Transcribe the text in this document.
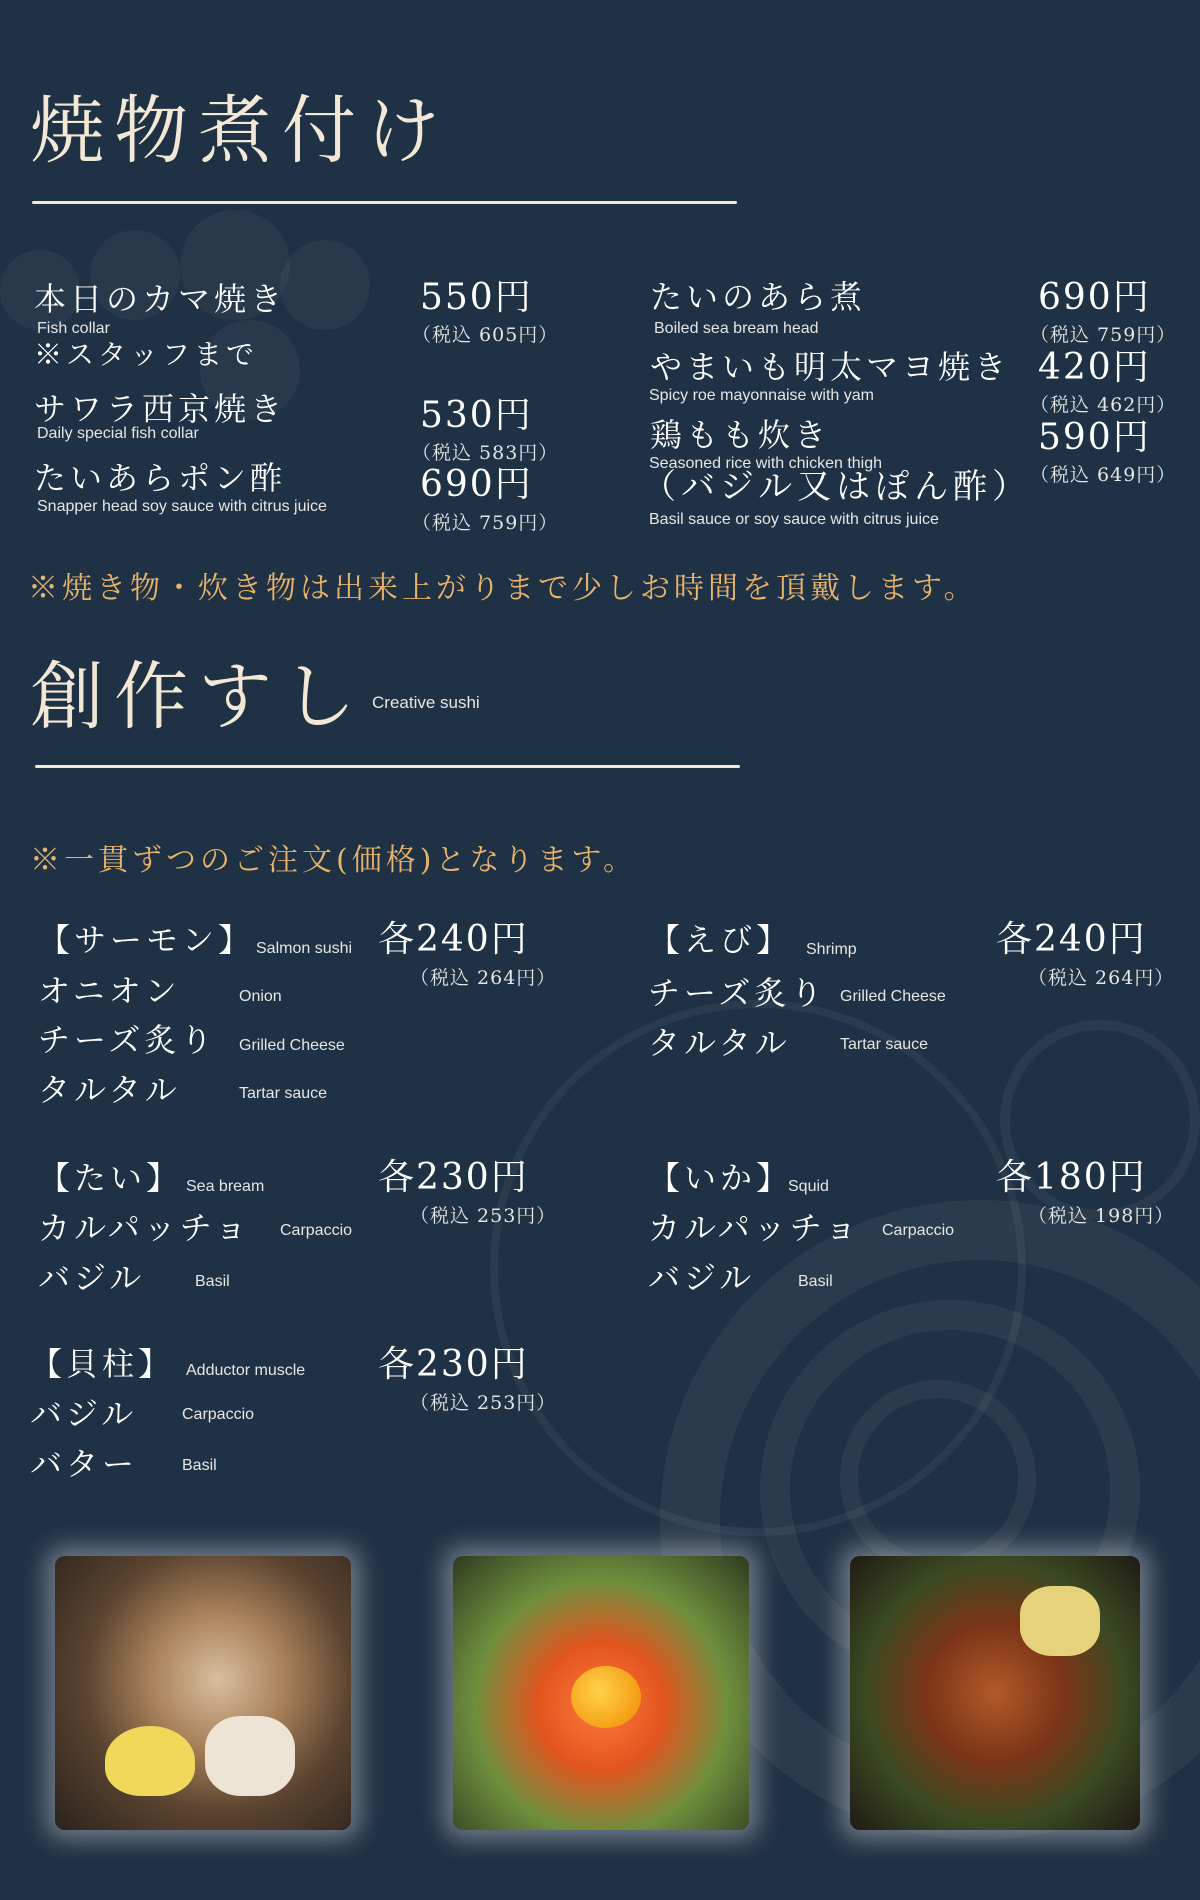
焼物煮付け
本日のカマ焼き
Fish collar
※スタッフまで
550円
（税込 605円）
サワラ西京焼き
Daily special fish collar	530円
（税込 583円）
たいあらポン酢
Snapper head soy sauce with citrus juice
690円
（税込 759円）
たいのあら煮
Boiled sea bream head
690円
（税込 759円）
やまいも明太マヨ焼き
Spicy roe mayonnaise with yam
420円
（税込 462円）
鶏もも炊き
Seasoned rice with chicken thigh
（バジル又はぽん酢）
Basil sauce or soy sauce with citrus juice
590円
（税込 649円）
※焼き物・炊き物は出来上がりまで少しお時間を頂戴します。
創作すし Creative sushi
※一貫ずつのご注文(価格)となります。
【サーモン】 Salmon sushi 各240円
（税込 264円）
オニオン	Onion
チーズ炙り Grilled Cheese
タルタル	Tartar sauce
【えび】 Shrimp	各240円
（税込 264円）
チーズ炙り Grilled Cheese
タルタル	Tartar sauce
【たい】 Sea bream	各230円
（税込 253円）
カルパッチョ Carpaccio
バジル	Basil
【いか】
Squid	各180円
（税込 198円）
カルパッチョ Carpaccio
バジル	Basil
【貝柱】 Adductor muscle 各230円
（税込 253円）
バジル	Carpaccio
バター	Basil
